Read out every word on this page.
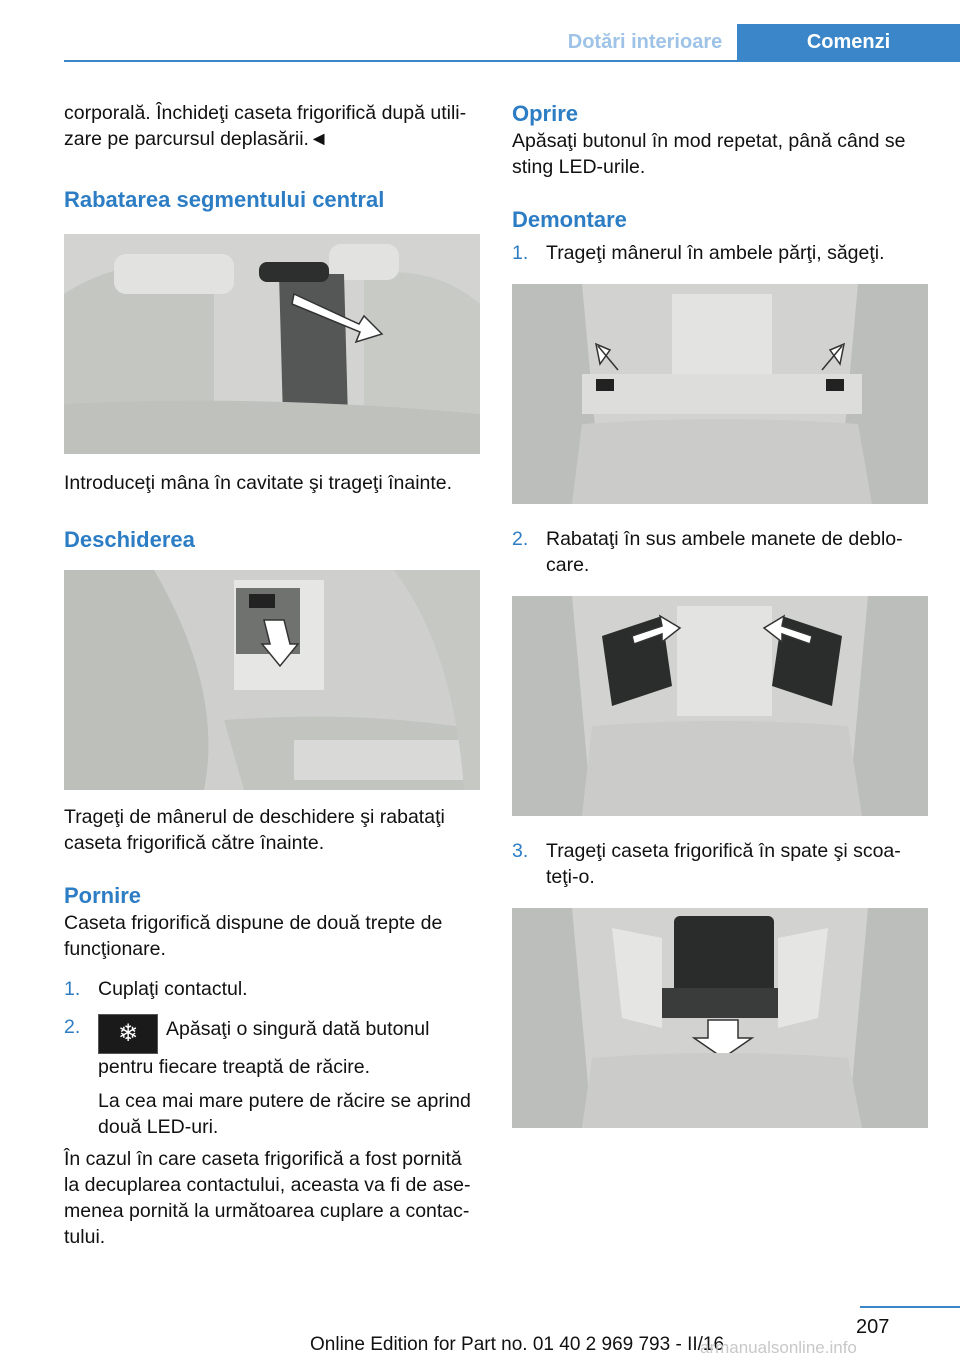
Dotări interioare	Comenzi

corporală. Închideţi caseta frigorifică după utili‐zare pe parcursul deplasării.◄

Rabatarea segmentului central

Introduceţi mâna în cavitate şi trageţi înainte.

Deschiderea

Trageţi de mânerul de deschidere şi rabataţi caseta frigorifică către înainte.

Pornire

Caseta frigorifică dispune de două trepte de funcţionare.

1. Cuplaţi contactul.
2. ❄ Apăsaţi o singură dată butonul pentru fiecare treaptă de răcire.
La cea mai mare putere de răcire se aprind două LED-uri.

În cazul în care caseta frigorifică a fost pornită la decuplarea contactului, aceasta va fi de ase‐menea pornită la următoarea cuplare a contac‐tului.

Oprire

Apăsaţi butonul în mod repetat, până când se sting LED-urile.

Demontare
1. Trageţi mânerul în ambele părţi, săgeţi.
2. Rabataţi în sus ambele manete de deblo‐care.
3. Trageţi caseta frigorifică în spate şi scoa‐teţi-o.
207
Online Edition for Part no. 01 40 2 969 793 - II/16
armanualsonline.info
